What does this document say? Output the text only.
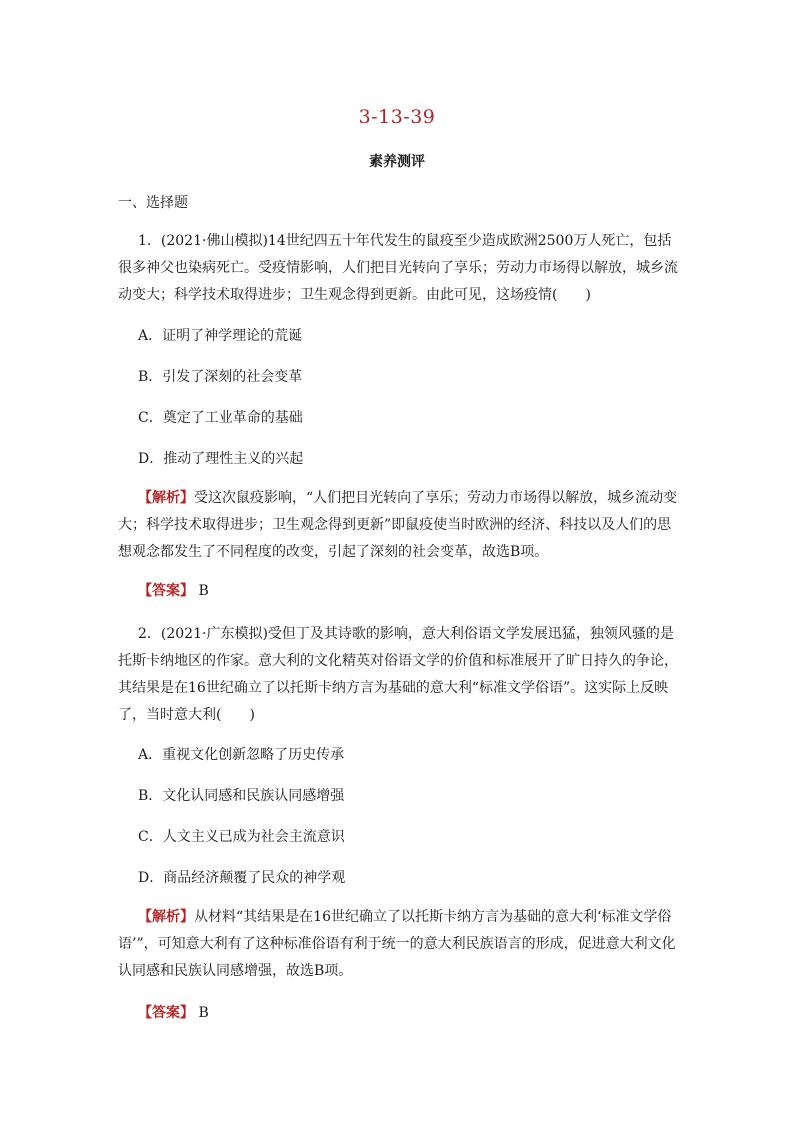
3-13-39
素养测评
一、选择题
1．(2021·佛山模拟)14世纪四五十年代发生的鼠疫至少造成欧洲2500万人死亡，包括很多神父也染病死亡。受疫情影响，人们把目光转向了享乐；劳动力市场得以解放，城乡流动变大；科学技术取得进步；卫生观念得到更新。由此可见，这场疫情(　　)
A．证明了神学理论的荒诞
B．引发了深刻的社会变革
C．奠定了工业革命的基础
D．推动了理性主义的兴起
【解析】受这次鼠疫影响，“人们把目光转向了享乐；劳动力市场得以解放，城乡流动变大；科学技术取得进步；卫生观念得到更新”即鼠疫使当时欧洲的经济、科技以及人们的思想观念都发生了不同程度的改变，引起了深刻的社会变革，故选B项。
【答案】 B
2．(2021·广东模拟)受但丁及其诗歌的影响，意大利俗语文学发展迅猛，独领风骚的是托斯卡纳地区的作家。意大利的文化精英对俗语文学的价值和标准展开了旷日持久的争论，其结果是在16世纪确立了以托斯卡纳方言为基础的意大利“标准文学俗语”。这实际上反映了，当时意大利(　　)
A．重视文化创新忽略了历史传承
B．文化认同感和民族认同感增强
C．人文主义已成为社会主流意识
D．商品经济颠覆了民众的神学观
【解析】从材料“其结果是在16世纪确立了以托斯卡纳方言为基础的意大利‘标准文学俗语’”，可知意大利有了这种标准俗语有利于统一的意大利民族语言的形成，促进意大利文化认同感和民族认同感增强，故选B项。
【答案】 B
